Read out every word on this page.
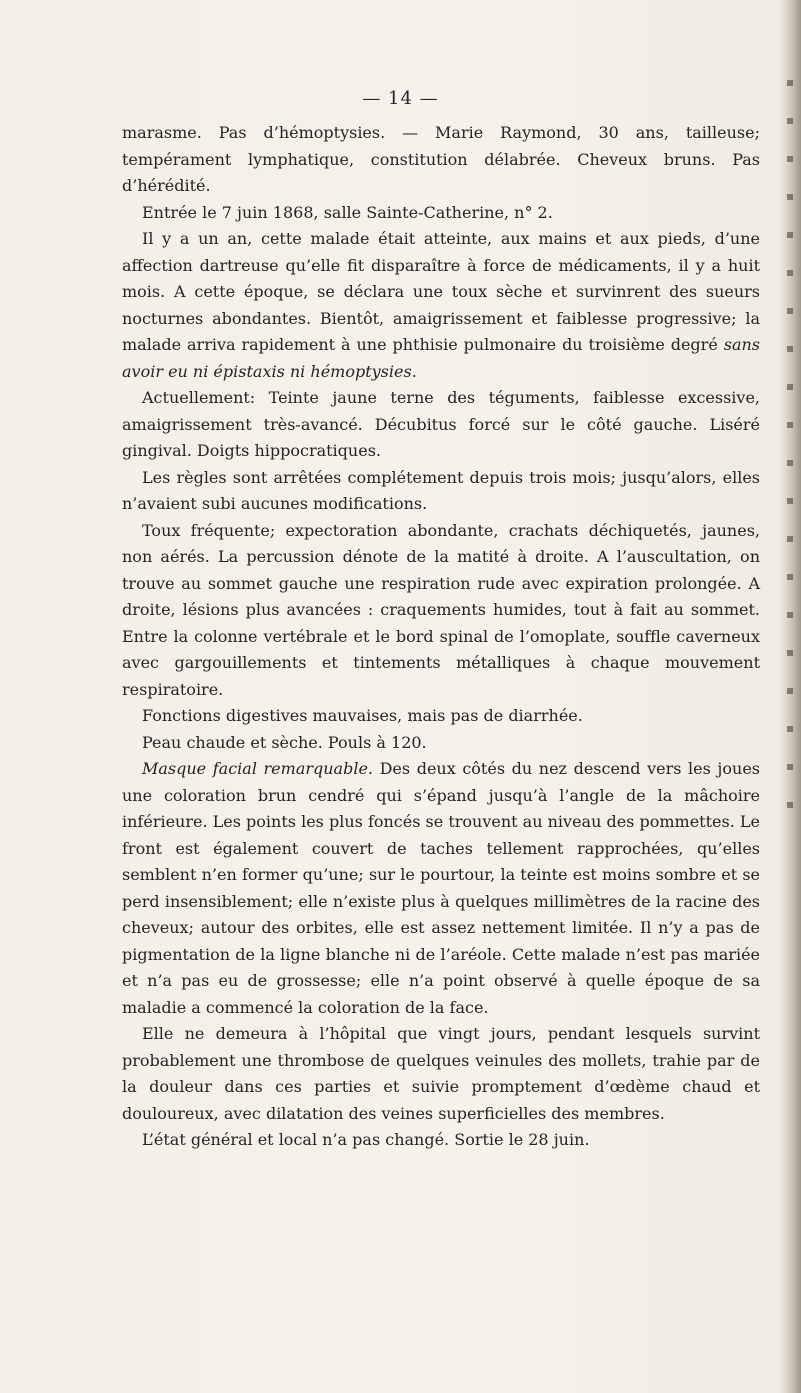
— 14 —

marasme. Pas d’hémoptysies. — Marie Raymond, 30 ans, tailleuse; tempérament lymphatique, constitution délabrée. Cheveux bruns. Pas d’hérédité.

Entrée le 7 juin 1868, salle Sainte-Catherine, n° 2.

Il y a un an, cette malade était atteinte, aux mains et aux pieds, d’une affection dartreuse qu’elle fit disparaître à force de médicaments, il y a huit mois. A cette époque, se déclara une toux sèche et survinrent des sueurs nocturnes abondantes. Bientôt, amaigrissement et faiblesse progressive; la malade arriva rapidement à une phthisie pulmonaire du troisième degré sans avoir eu ni épistaxis ni hémoptysies.

Actuellement: Teinte jaune terne des téguments, faiblesse excessive, amaigrissement très-avancé. Décubitus forcé sur le côté gauche. Liséré gingival. Doigts hippocratiques.

Les règles sont arrêtées complétement depuis trois mois; jusqu’alors, elles n’avaient subi aucunes modifications.

Toux fréquente; expectoration abondante, crachats déchiquetés, jaunes, non aérés. La percussion dénote de la matité à droite. A l’auscultation, on trouve au sommet gauche une respiration rude avec expiration prolongée. A droite, lésions plus avancées : craquements humides, tout à fait au sommet. Entre la colonne vertébrale et le bord spinal de l’omoplate, souffle caverneux avec gargouillements et tintements métalliques à chaque mouvement respiratoire.

Fonctions digestives mauvaises, mais pas de diarrhée.

Peau chaude et sèche. Pouls à 120.

Masque facial remarquable. Des deux côtés du nez descend vers les joues une coloration brun cendré qui s’épand jusqu’à l’angle de la mâchoire inférieure. Les points les plus foncés se trouvent au niveau des pommettes. Le front est également couvert de taches tellement rapprochées, qu’elles semblent n’en former qu’une; sur le pourtour, la teinte est moins sombre et se perd insensiblement; elle n’existe plus à quelques millimètres de la racine des cheveux; autour des orbites, elle est assez nettement limitée. Il n’y a pas de pigmentation de la ligne blanche ni de l’aréole. Cette malade n’est pas mariée et n’a pas eu de grossesse; elle n’a point observé à quelle époque de sa maladie a commencé la coloration de la face.

Elle ne demeura à l’hôpital que vingt jours, pendant lesquels survint probablement une thrombose de quelques veinules des mollets, trahie par de la douleur dans ces parties et suivie promptement d’œdème chaud et douloureux, avec dilatation des veines superficielles des membres.

L’état général et local n’a pas changé. Sortie le 28 juin.
